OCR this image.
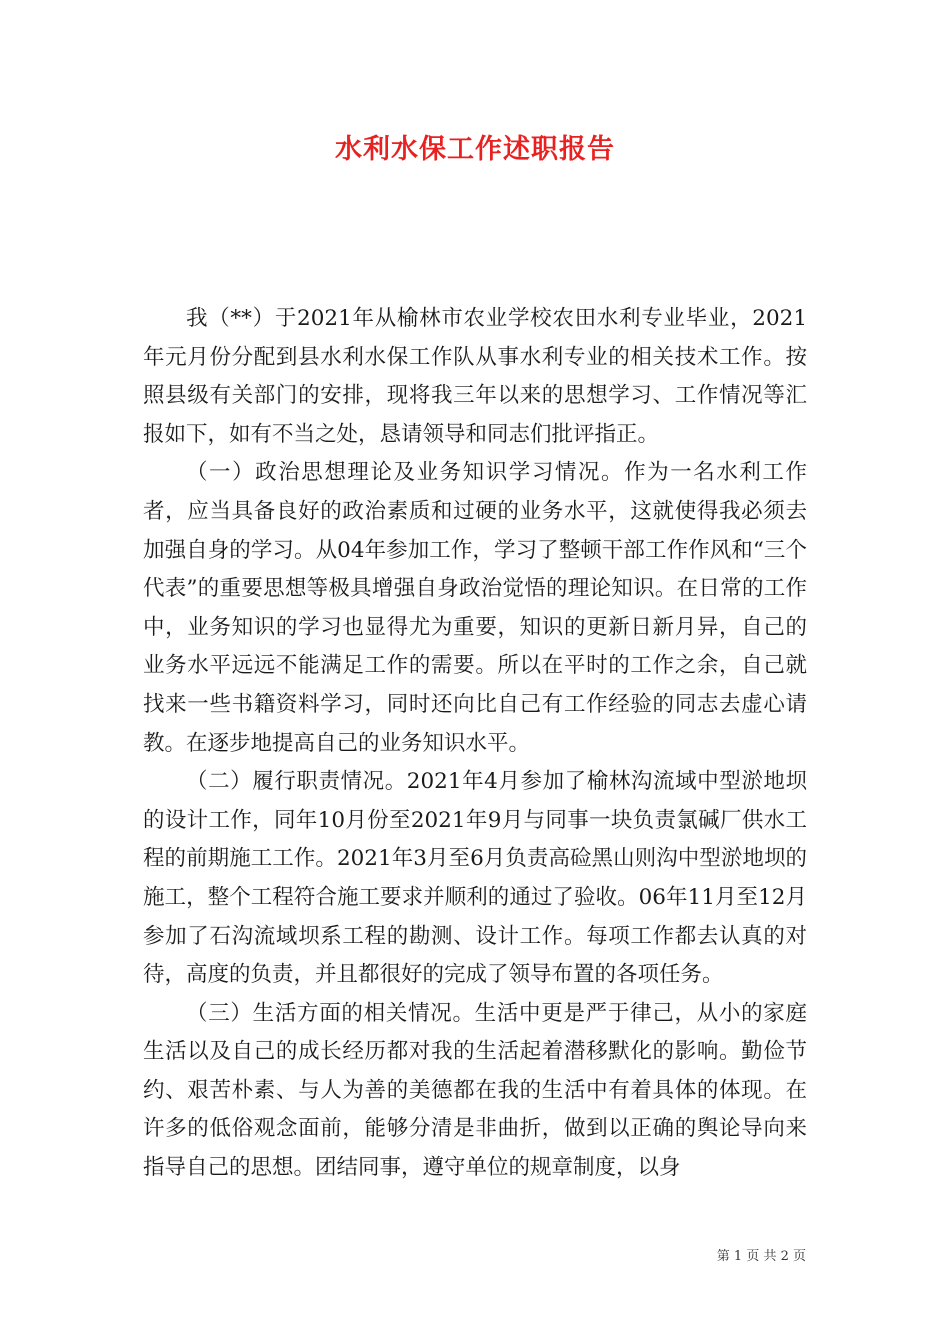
水利水保工作述职报告

我（**）于2021年从榆林市农业学校农田水利专业毕业，2021年元月份分配到县水利水保工作队从事水利专业的相关技术工作。按照县级有关部门的安排，现将我三年以来的思想学习、工作情况等汇报如下，如有不当之处，恳请领导和同志们批评指正。

（一）政治思想理论及业务知识学习情况。作为一名水利工作者，应当具备良好的政治素质和过硬的业务水平，这就使得我必须去加强自身的学习。从04年参加工作，学习了整顿干部工作作风和“三个代表”的重要思想等极具增强自身政治觉悟的理论知识。在日常的工作中，业务知识的学习也显得尤为重要，知识的更新日新月异，自己的业务水平远远不能满足工作的需要。所以在平时的工作之余，自己就找来一些书籍资料学习，同时还向比自己有工作经验的同志去虚心请教。在逐步地提高自己的业务知识水平。

（二）履行职责情况。2021年4月参加了榆林沟流域中型淤地坝的设计工作，同年10月份至2021年9月与同事一块负责氯碱厂供水工程的前期施工工作。2021年3月至6月负责高硷黑山则沟中型淤地坝的施工，整个工程符合施工要求并顺利的通过了验收。06年11月至12月参加了石沟流域坝系工程的勘测、设计工作。每项工作都去认真的对待，高度的负责，并且都很好的完成了领导布置的各项任务。

（三）生活方面的相关情况。生活中更是严于律己，从小的家庭生活以及自己的成长经历都对我的生活起着潜移默化的影响。勤俭节约、艰苦朴素、与人为善的美德都在我的生活中有着具体的体现。在许多的低俗观念面前，能够分清是非曲折，做到以正确的舆论导向来指导自己的思想。团结同事，遵守单位的规章制度，以身

第 1 页 共 2 页
